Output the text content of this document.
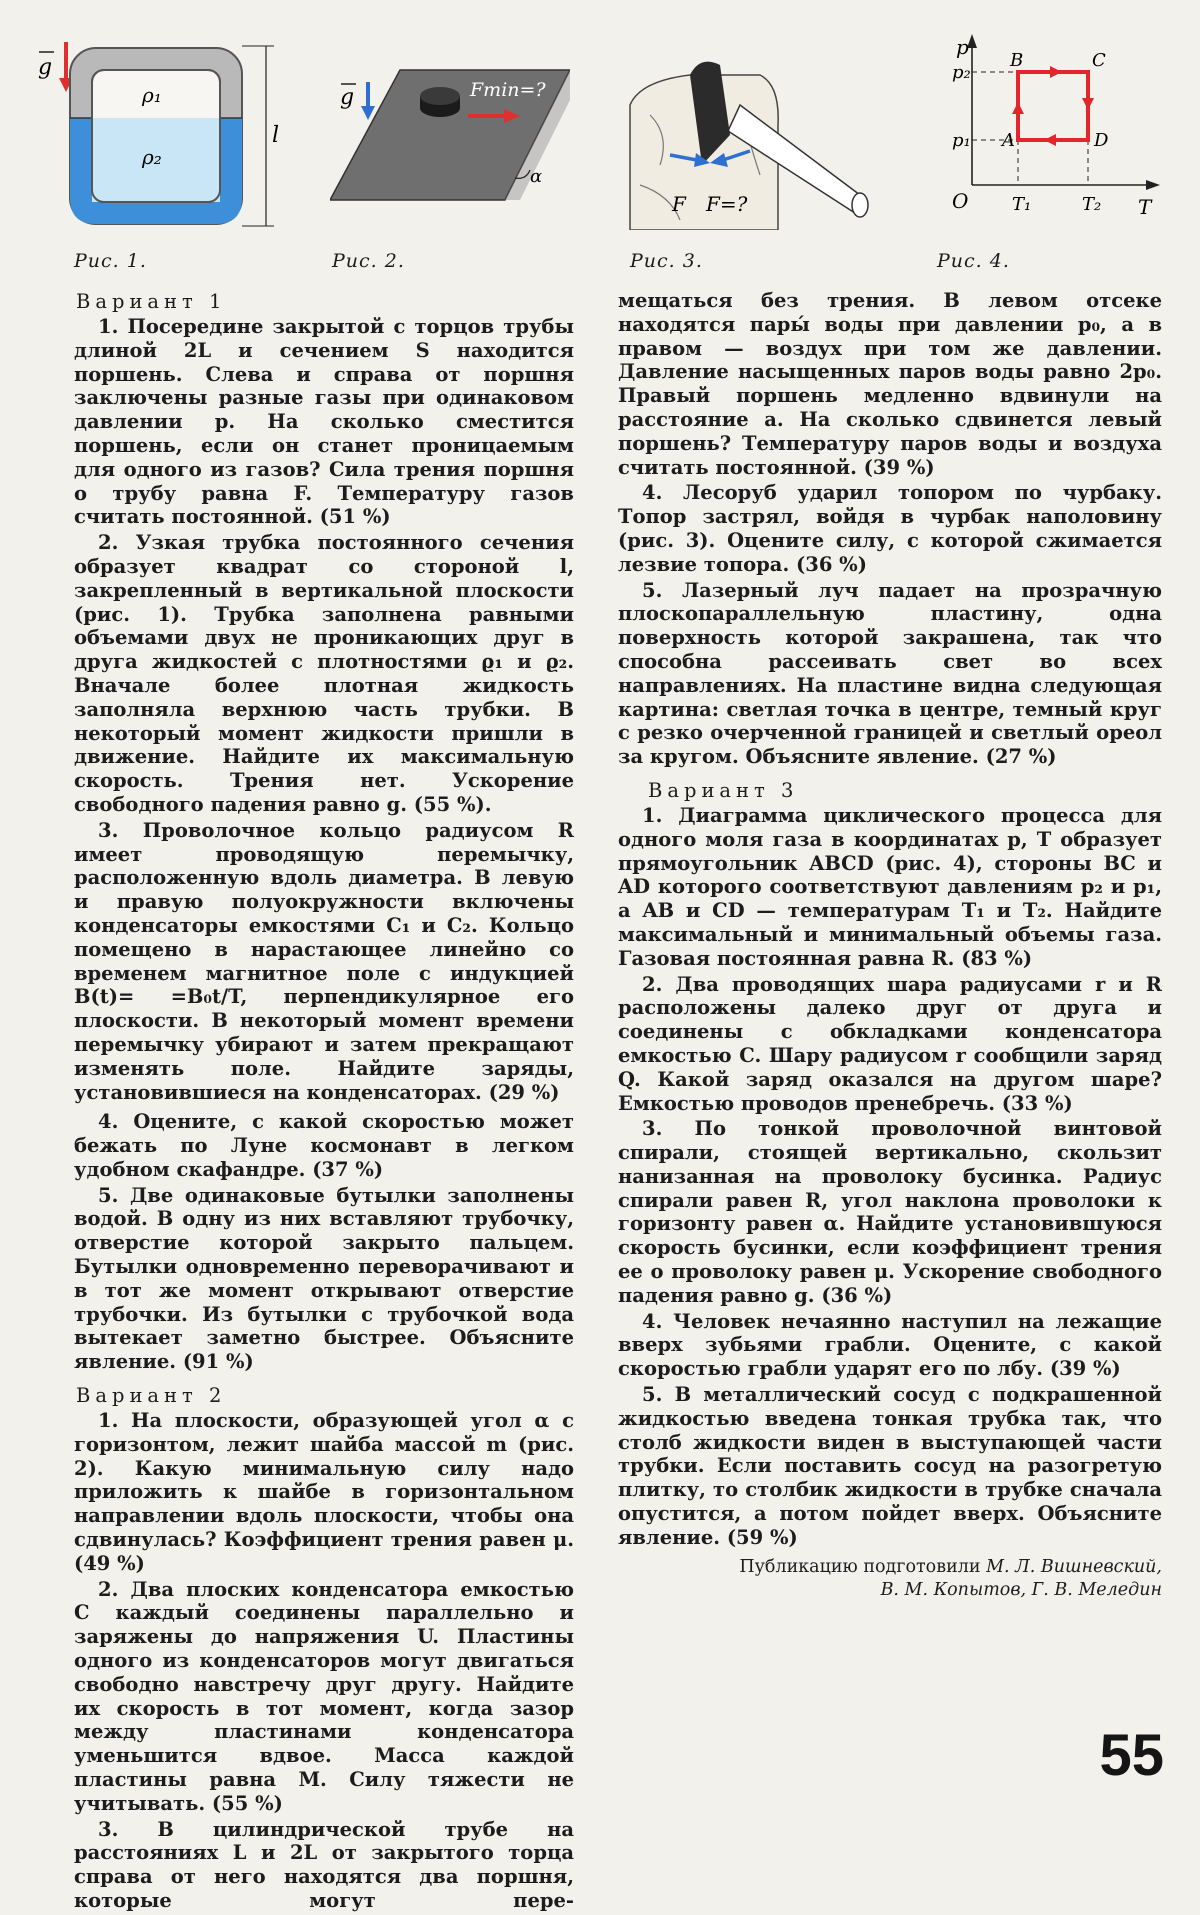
g
ρ₁
ρ₂
l
g	Fmin=?
α
F F=?
p
T
O
p₂
p₁ A
B	C
D
T₁	T₂
Рис. 1.	Рис. 2.	Рис. 3.	Рис. 4.
Вариант 1

1. Посередине закрытой с торцов трубы длиной 2L и сечением S находится поршень. Слева и справа от поршня заключены разные газы при одинаковом давлении p. На сколько сместится поршень, если он станет проницаемым для одного из газов? Сила трения поршня о трубу равна F. Температуру газов считать постоянной. (51 %)

2. Узкая трубка постоянного сечения образует квадрат со стороной l, закрепленный в вертикальной плоскости (рис. 1). Трубка заполнена равными объемами двух не проникающих друг в друга жидкостей с плотностями ϱ₁ и ϱ₂. Вначале более плотная жидкость заполняла верхнюю часть трубки. В некоторый момент жидкости пришли в движение. Найдите их максимальную скорость. Трения нет. Ускорение свободного падения равно g. (55 %).

3. Проволочное кольцо радиусом R имеет проводящую перемычку, расположенную вдоль диаметра. В левую и правую полуокружности включены конденсаторы емкостями C₁ и C₂. Кольцо помещено в нарастающее линейно со временем магнитное поле с индукцией B(t)= =B₀t/T, перпендикулярное его плоскости. В некоторый момент времени перемычку убирают и затем прекращают изменять поле. Найдите заряды, установившиеся на конденсаторах. (29 %)

4. Оцените, с какой скоростью может бежать по Луне космонавт в легком удобном скафандре. (37 %)

5. Две одинаковые бутылки заполнены водой. В одну из них вставляют трубочку, отверстие которой закрыто пальцем. Бутылки одновременно переворачивают и в тот же момент открывают отверстие трубочки. Из бутылки с трубочкой вода вытекает заметно быстрее. Объясните явление. (91 %)

Вариант 2

1. На плоскости, образующей угол α с горизонтом, лежит шайба массой m (рис. 2). Какую минимальную силу надо приложить к шайбе в горизонтальном направлении вдоль плоскости, чтобы она сдвинулась? Коэффициент трения равен μ. (49 %)

2. Два плоских конденсатора емкостью C каждый соединены параллельно и заряжены до напряжения U. Пластины одного из конденсаторов могут двигаться свободно навстречу друг другу. Найдите их скорость в тот момент, когда зазор между пластинами конденсатора уменьшится вдвое. Масса каждой пластины равна M. Силу тяжести не учитывать. (55 %)

3. В цилиндрической трубе на расстояниях L и 2L от закрытого торца справа от него находятся два поршня, которые могут пере-

мещаться без трения. В левом отсеке находятся пары́ воды при давлении p₀, а в правом — воздух при том же давлении. Давление насыщенных паров воды равно 2p₀. Правый поршень медленно вдвинули на расстояние a. На сколько сдвинется левый поршень? Температуру паров воды и воздуха считать постоянной. (39 %)

4. Лесоруб ударил топором по чурбаку. Топор застрял, войдя в чурбак наполовину (рис. 3). Оцените силу, с которой сжимается лезвие топора. (36 %)

5. Лазерный луч падает на прозрачную плоскопараллельную пластину, одна поверхность которой закрашена, так что способна рассеивать свет во всех направлениях. На пластине видна следующая картина: светлая точка в центре, темный круг с резко очерченной границей и светлый ореол за кругом. Объясните явление. (27 %)

Вариант 3

1. Диаграмма циклического процесса для одного моля газа в координатах p, T образует прямоугольник ABCD (рис. 4), стороны BC и AD которого соответствуют давлениям p₂ и p₁, а AB и CD — температурам T₁ и T₂. Найдите максимальный и минимальный объемы газа. Газовая постоянная равна R. (83 %)

2. Два проводящих шара радиусами r и R расположены далеко друг от друга и соединены с обкладками конденсатора емкостью C. Шару радиусом r сообщили заряд Q. Какой заряд оказался на другом шаре? Емкостью проводов пренебречь. (33 %)

3. По тонкой проволочной винтовой спирали, стоящей вертикально, скользит нанизанная на проволоку бусинка. Радиус спирали равен R, угол наклона проволоки к горизонту равен α. Найдите установившуюся скорость бусинки, если коэффициент трения ее о проволоку равен μ. Ускорение свободного падения равно g. (36 %)

4. Человек нечаянно наступил на лежащие вверх зубьями грабли. Оцените, с какой скоростью грабли ударят его по лбу. (39 %)

5. В металлический сосуд с подкрашенной жидкостью введена тонкая трубка так, что столб жидкости виден в выступающей части трубки. Если поставить сосуд на разогретую плитку, то столбик жидкости в трубке сначала опустится, а потом пойдет вверх. Объясните явление. (59 %)

Публикацию подготовили М. Л. Вишневский,
В. М. Копытов, Г. В. Меледин
55
